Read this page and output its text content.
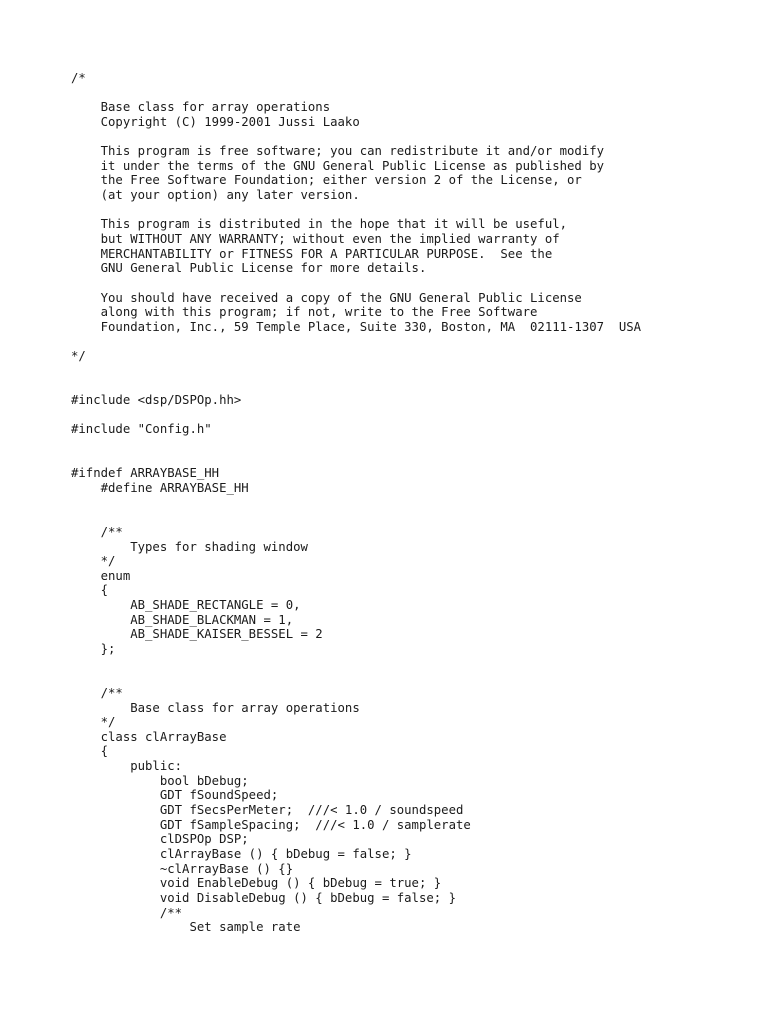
/*
Base class for array operations
Copyright (C) 1999-2001 Jussi Laako
This program is free software; you can redistribute it and/or modify
it under the terms of the GNU General Public License as published by
the Free Software Foundation; either version 2 of the License, or
(at your option) any later version.
This program is distributed in the hope that it will be useful,
but WITHOUT ANY WARRANTY; without even the implied warranty of
MERCHANTABILITY or FITNESS FOR A PARTICULAR PURPOSE.  See the
GNU General Public License for more details.
You should have received a copy of the GNU General Public License
along with this program; if not, write to the Free Software
Foundation, Inc., 59 Temple Place, Suite 330, Boston, MA  02111-1307  USA
*/
#include <dsp/DSPOp.hh>
#include "Config.h"
#ifndef ARRAYBASE_HH
#define ARRAYBASE_HH
/**
Types for shading window
*/
enum
{
AB_SHADE_RECTANGLE = 0,
AB_SHADE_BLACKMAN = 1,
AB_SHADE_KAISER_BESSEL = 2
};
/**
Base class for array operations
*/
class clArrayBase
{
public:
bool bDebug;
GDT fSoundSpeed;
GDT fSecsPerMeter;  ///< 1.0 / soundspeed
GDT fSampleSpacing;  ///< 1.0 / samplerate
clDSPOp DSP;
clArrayBase () { bDebug = false; }
~clArrayBase () {}
void EnableDebug () { bDebug = true; }
void DisableDebug () { bDebug = false; }
/**
Set sample rate
